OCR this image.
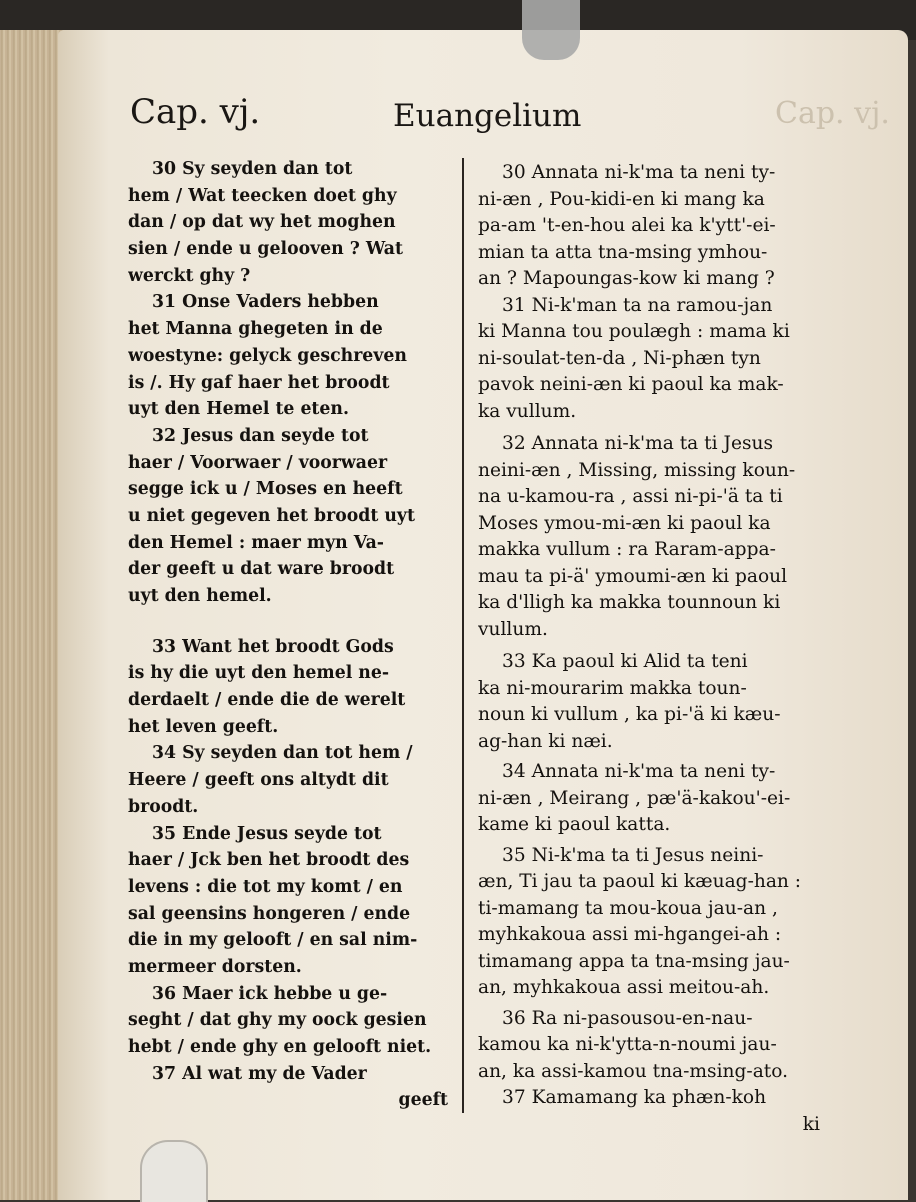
Cap. vj.
Cap. vj.	Euangelium
30 Sy seyden dan tot
hem / Wat teecken doet ghy
dan / op dat wy het moghen
sien / ende u gelooven ? Wat
werckt ghy ?
31 Onse Vaders hebben
het Manna ghegeten in de
woestyne: gelyck geschreven
is /. Hy gaf haer het broodt
uyt den Hemel te eten.
32 Jesus dan seyde tot
haer / Voorwaer / voorwaer
segge ick u / Moses en heeft
u niet gegeven het broodt uyt
den Hemel : maer myn Va-
der geeft u dat ware broodt
uyt den hemel.
33 Want het broodt Gods
is hy die uyt den hemel ne-
derdaelt / ende die de werelt
het leven geeft.
34 Sy seyden dan tot hem /
Heere / geeft ons altydt dit
broodt.
35 Ende Jesus seyde tot
haer / Jck ben het broodt des
levens : die tot my komt / en
sal geensins hongeren / ende
die in my gelooft / en sal nim-
mermeer dorsten.
36 Maer ick hebbe u ge-
seght / dat ghy my oock gesien
hebt / ende ghy en gelooft niet.
37 Al wat my de Vader
geeft
30 Annata ni-k'ma ta neni ty-
ni-æn , Pou-kidi-en ki mang ka
pa-am 't-en-hou alei ka k'ytt'-ei-
mian ta atta tna-msing ymhou-
an ? Mapoungas-kow ki mang ?
31 Ni-k'man ta na ramou-jan
ki Manna tou poulægh : mama ki
ni-soulat-ten-da , Ni-phæn tyn
pavok neini-æn ki paoul ka mak-
ka vullum.
32 Annata ni-k'ma ta ti Jesus
neini-æn , Missing, missing koun-
na u-kamou-ra , assi ni-pi-'ä ta ti
Moses ymou-mi-æn ki paoul ka
makka vullum : ra Raram-appa-
mau ta pi-ä' ymoumi-æn ki paoul
ka d'lligh ka makka tounnoun ki
vullum.
33 Ka paoul ki Alid ta teni
ka ni-mourarim makka toun-
noun ki vullum , ka pi-'ä ki kæu-
ag-han ki næi.
34 Annata ni-k'ma ta neni ty-
ni-æn , Meirang , pæ'ä-kakou'-ei-
kame ki paoul katta.
35 Ni-k'ma ta ti Jesus neini-
æn, Ti jau ta paoul ki kæuag-han :
ti-mamang ta mou-koua jau-an ,
myhkakoua assi mi-hgangei-ah :
timamang appa ta tna-msing jau-
an, myhkakoua assi meitou-ah.
36 Ra ni-pasousou-en-nau-
kamou ka ni-k'ytta-n-noumi jau-
an, ka assi-kamou tna-msing-ato.
37 Kamamang ka phæn-koh
ki
